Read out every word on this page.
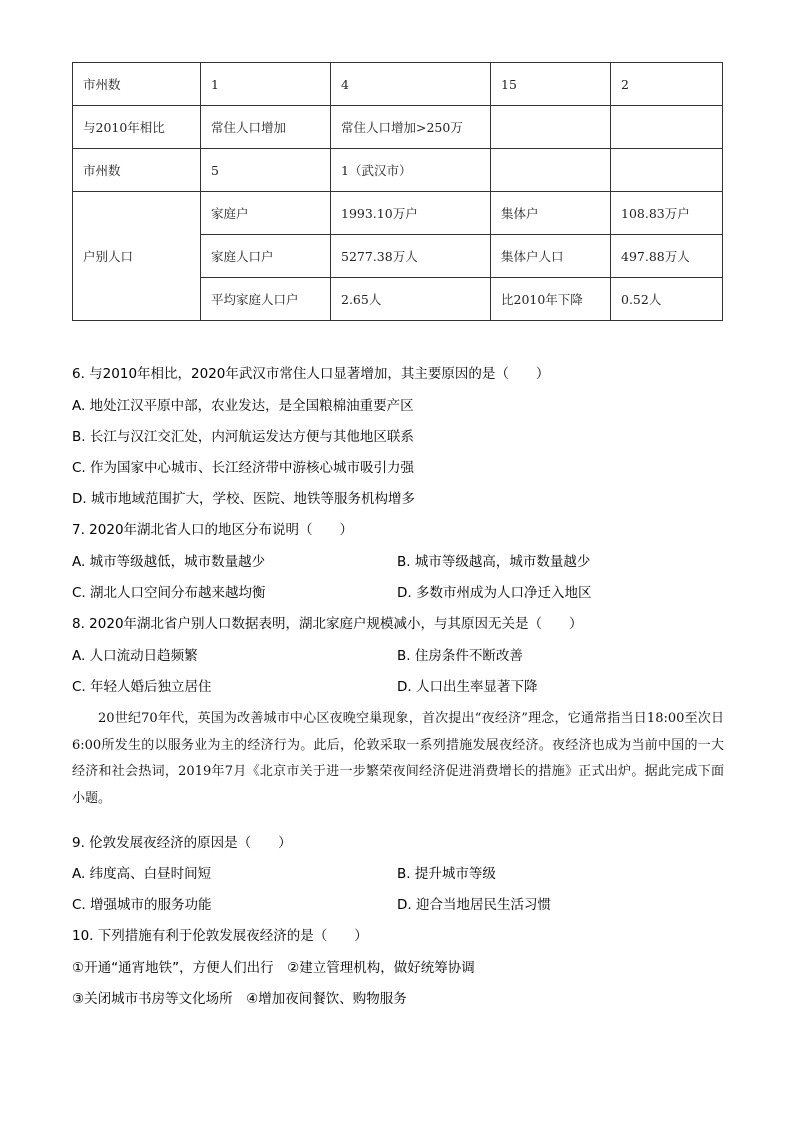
市州数	1	4	15	2
与2010年相比	常住人口增加	常住人口增加>250万		
市州数	5	1（武汉市）		
户别人口	家庭户	1993.10万户	集体户	108.83万户
	家庭人口户	5277.38万人	集体户人口	497.88万人
	平均家庭人口户	2.65人	比2010年下降	0.52人
6. 与2010年相比，2020年武汉市常住人口显著增加，其主要原因的是（　　）
A. 地处江汉平原中部，农业发达，是全国粮棉油重要产区
B. 长江与汉江交汇处，内河航运发达方便与其他地区联系
C. 作为国家中心城市、长江经济带中游核心城市吸引力强
D. 城市地域范围扩大，学校、医院、地铁等服务机构增多
7. 2020年湖北省人口的地区分布说明（　　）
A. 城市等级越低，城市数量越少	B. 城市等级越高，城市数量越少
C. 湖北人口空间分布越来越均衡	D. 多数市州成为人口净迁入地区
8. 2020年湖北省户别人口数据表明，湖北家庭户规模减小，与其原因无关是（　　）
A. 人口流动日趋频繁	B. 住房条件不断改善
C. 年轻人婚后独立居住	D. 人口出生率显著下降
20世纪70年代，英国为改善城市中心区夜晚空巢现象，首次提出“夜经济”理念，它通常指当日18:00至次日6:00所发生的以服务业为主的经济行为。此后，伦敦采取一系列措施发展夜经济。夜经济也成为当前中国的一大经济和社会热词，2019年7月《北京市关于进一步繁荣夜间经济促进消费增长的措施》正式出炉。据此完成下面小题。
9. 伦敦发展夜经济的原因是（　　）
A. 纬度高、白昼时间短	B. 提升城市等级
C. 增强城市的服务功能	D. 迎合当地居民生活习惯
10. 下列措施有利于伦敦发展夜经济的是（　　）
①开通“通宵地铁”，方便人们出行　②建立管理机构，做好统筹协调
③关闭城市书房等文化场所　④增加夜间餐饮、购物服务
